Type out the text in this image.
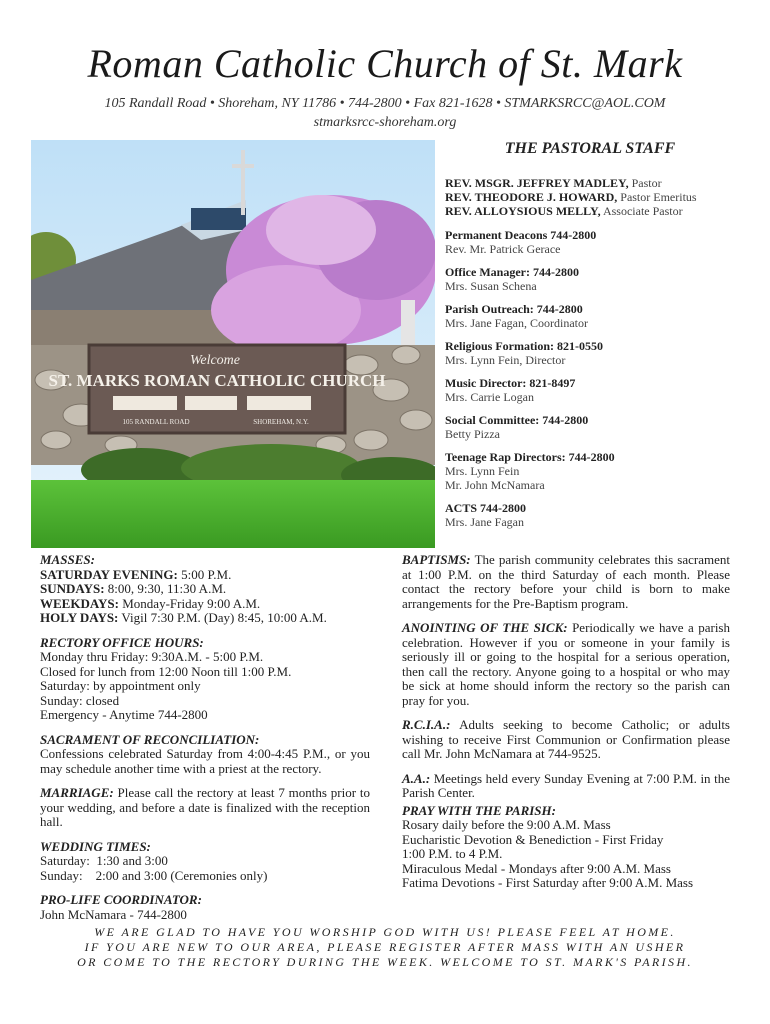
Roman Catholic Church of St. Mark
105 Randall Road • Shoreham, NY 11786 • 744-2800 • Fax 821-1628 • STMARKSRCC@AOL.COM
stmarksrcc-shoreham.org
Welcome
ST. MARKS ROMAN CATHOLIC CHURCH
105 RANDALL ROAD	SHOREHAM, N.Y.
THE PASTORAL STAFF
REV. MSGR. JEFFREY MADLEY, Pastor
REV. THEODORE J. HOWARD, Pastor Emeritus
REV. ALLOYSIOUS MELLY, Associate Pastor
Permanent Deacons 744-2800
Rev. Mr. Patrick Gerace
Office Manager: 744-2800
Mrs. Susan Schena
Parish Outreach: 744-2800
Mrs. Jane Fagan, Coordinator
Religious Formation: 821-0550
Mrs. Lynn Fein, Director
Music Director: 821-8497
Mrs. Carrie Logan
Social Committee: 744-2800
Betty Pizza
Teenage Rap Directors: 744-2800
Mrs. Lynn Fein
Mr. John McNamara
ACTS 744-2800
Mrs. Jane Fagan
MASSES:
SATURDAY EVENING: 5:00 P.M.
SUNDAYS: 8:00, 9:30, 11:30 A.M.
WEEKDAYS: Monday-Friday 9:00 A.M.
HOLY DAYS: Vigil 7:30 P.M. (Day) 8:45, 10:00 A.M.
RECTORY OFFICE HOURS:
Monday thru Friday: 9:30A.M. - 5:00 P.M.
Closed for lunch from 12:00 Noon till 1:00 P.M.
Saturday: by appointment only
Sunday: closed
Emergency - Anytime 744-2800
SACRAMENT OF RECONCILIATION:
Confessions celebrated Saturday from 4:00-4:45 P.M., or you may schedule another time with a priest at the rectory.
MARRIAGE: Please call the rectory at least 7 months prior to your wedding, and before a date is finalized with the reception hall.
WEDDING TIMES:
Saturday:  1:30 and 3:00
Sunday:    2:00 and 3:00 (Ceremonies only)
PRO-LIFE COORDINATOR:
John McNamara - 744-2800
BAPTISMS: The parish community celebrates this sacrament at 1:00 P.M. on the third Saturday of each month. Please contact the rectory before your child is born to make arrangements for the Pre-Baptism program.
ANOINTING OF THE SICK: Periodically we have a parish celebration. However if you or someone in your family is seriously ill or going to the hospital for a serious operation, then call the rectory. Anyone going to a hospital or who may be sick at home should inform the rectory so the parish can pray for you.
R.C.I.A.: Adults seeking to become Catholic; or adults wishing to receive First Communion or Confirmation please call Mr. John McNamara at 744-9525.
A.A.: Meetings held every Sunday Evening at 7:00 P.M. in the Parish Center.
PRAY WITH THE PARISH:
Rosary daily before the 9:00 A.M. Mass
Eucharistic Devotion & Benediction - First Friday
1:00 P.M. to 4 P.M.
Miraculous Medal - Mondays after 9:00 A.M. Mass
Fatima Devotions - First Saturday after 9:00 A.M. Mass
WE ARE GLAD TO HAVE YOU WORSHIP GOD WITH US! PLEASE FEEL AT HOME.
IF YOU ARE NEW TO OUR AREA, PLEASE REGISTER AFTER MASS WITH AN USHER
OR COME TO THE RECTORY DURING THE WEEK. WELCOME TO ST. MARK'S PARISH.
